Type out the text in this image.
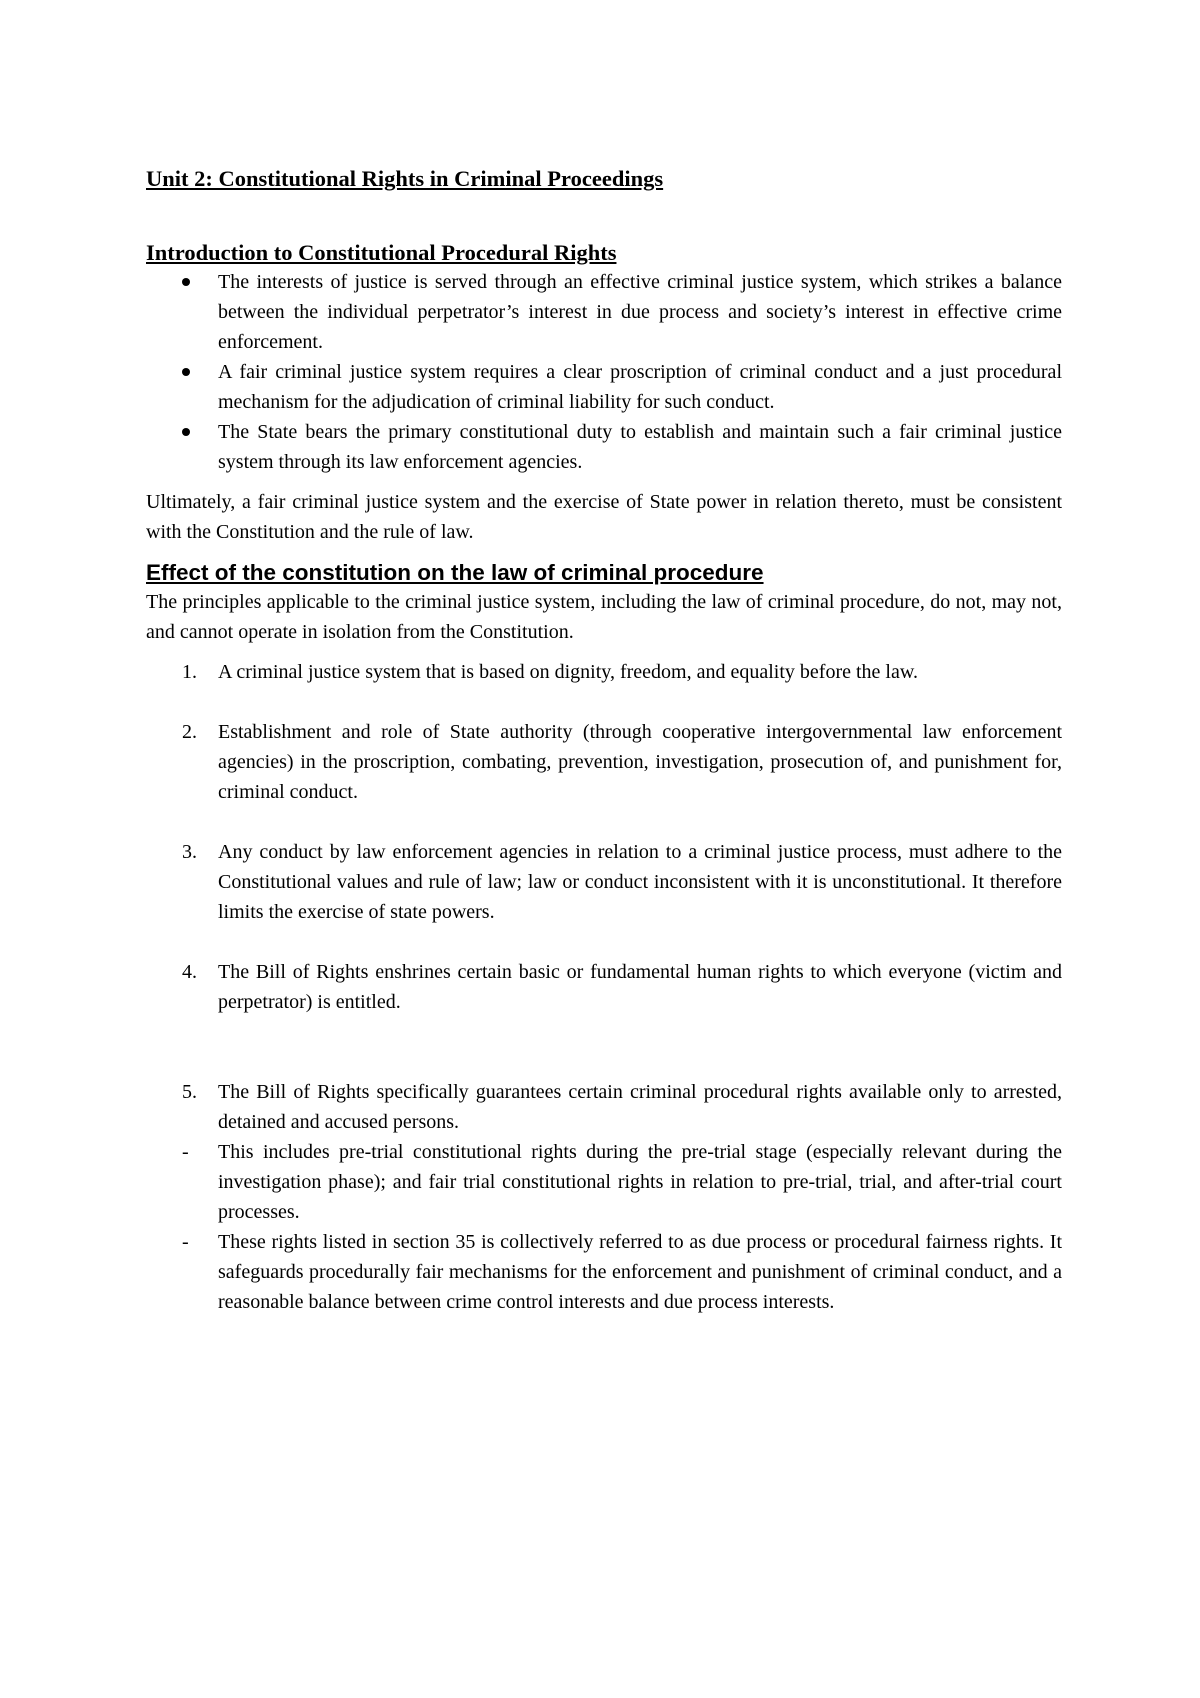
Unit 2: Constitutional Rights in Criminal Proceedings
Introduction to Constitutional Procedural Rights
The interests of justice is served through an effective criminal justice system, which strikes a balance between the individual perpetrator’s interest in due process and society’s interest in effective crime enforcement.
A fair criminal justice system requires a clear proscription of criminal conduct and a just procedural mechanism for the adjudication of criminal liability for such conduct.
The State bears the primary constitutional duty to establish and maintain such a fair criminal justice system through its law enforcement agencies.

Ultimately, a fair criminal justice system and the exercise of State power in relation thereto, must be consistent with the Constitution and the rule of law.

Effect of the constitution on the law of criminal procedure

The principles applicable to the criminal justice system, including the law of criminal procedure, do not, may not, and cannot operate in isolation from the Constitution.

1. A criminal justice system that is based on dignity, freedom, and equality before the law.
2. Establishment and role of State authority (through cooperative intergovernmental law enforcement agencies) in the proscription, combating, prevention, investigation, prosecution of, and punishment for, criminal conduct.
3. Any conduct by law enforcement agencies in relation to a criminal justice process, must adhere to the Constitutional values and rule of law; law or conduct inconsistent with it is unconstitutional. It therefore limits the exercise of state powers.
4. The Bill of Rights enshrines certain basic or fundamental human rights to which everyone (victim and perpetrator) is entitled.
5. The Bill of Rights specifically guarantees certain criminal procedural rights available only to arrested, detained and accused persons.
- This includes pre-trial constitutional rights during the pre-trial stage (especially relevant during the investigation phase); and fair trial constitutional rights in relation to pre-trial, trial, and after-trial court processes.
- These rights listed in section 35 is collectively referred to as due process or procedural fairness rights. It safeguards procedurally fair mechanisms for the enforcement and punishment of criminal conduct, and a reasonable balance between crime control interests and due process interests.
